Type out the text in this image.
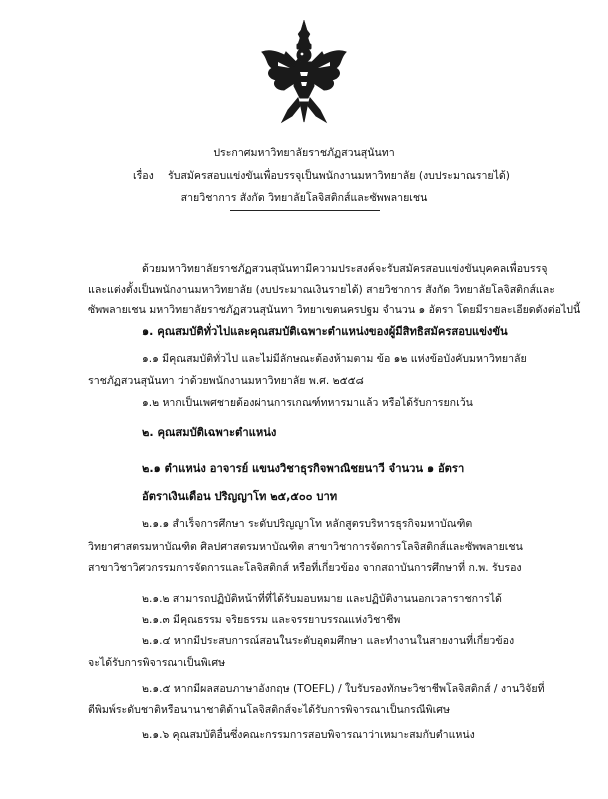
ประกาศมหาวิทยาลัยราชภัฏสวนสุนันทา
เรื่อง รับสมัครสอบแข่งขันเพื่อบรรจุเป็นพนักงานมหาวิทยาลัย (งบประมาณรายได้)
สายวิชาการ สังกัด วิทยาลัยโลจิสติกส์และซัพพลายเชน
ด้วยมหาวิทยาลัยราชภัฏสวนสุนันทามีความประสงค์จะรับสมัครสอบแข่งขันบุคคลเพื่อบรรจุ
และแต่งตั้งเป็นพนักงานมหาวิทยาลัย (งบประมาณเงินรายได้) สายวิชาการ สังกัด วิทยาลัยโลจิสติกส์และ
ซัพพลายเชน มหาวิทยาลัยราชภัฏสวนสุนันทา วิทยาเขตนครปฐม จำนวน ๑ อัตรา โดยมีรายละเอียดดังต่อไปนี้
๑. คุณสมบัติทั่วไปและคุณสมบัติเฉพาะตำแหน่งของผู้มีสิทธิสมัครสอบแข่งขัน
๑.๑ มีคุณสมบัติทั่วไป และไม่มีลักษณะต้องห้ามตาม ข้อ ๑๒ แห่งข้อบังคับมหาวิทยาลัย
ราชภัฏสวนสุนันทา ว่าด้วยพนักงานมหาวิทยาลัย พ.ศ. ๒๕๕๘
๑.๒ หากเป็นเพศชายต้องผ่านการเกณฑ์ทหารมาแล้ว หรือได้รับการยกเว้น
๒. คุณสมบัติเฉพาะตำแหน่ง
๒.๑ ตำแหน่ง อาจารย์ แขนงวิชาธุรกิจพาณิชยนาวี จำนวน ๑ อัตรา
อัตราเงินเดือน ปริญญาโท ๒๕,๕๐๐ บาท
๒.๑.๑ สำเร็จการศึกษา ระดับปริญญาโท หลักสูตรบริหารธุรกิจมหาบัณฑิต
วิทยาศาสตรมหาบัณฑิต ศิลปศาสตรมหาบัณฑิต สาขาวิชาการจัดการโลจิสติกส์และซัพพลายเชน
สาขาวิชาวิศวกรรมการจัดการและโลจิสติกส์ หรือที่เกี่ยวข้อง จากสถาบันการศึกษาที่ ก.พ. รับรอง
๒.๑.๒ สามารถปฏิบัติหน้าที่ที่ได้รับมอบหมาย และปฏิบัติงานนอกเวลาราชการได้
๒.๑.๓ มีคุณธรรม จริยธรรม และจรรยาบรรณแห่งวิชาชีพ
๒.๑.๔ หากมีประสบการณ์สอนในระดับอุดมศึกษา และทำงานในสายงานที่เกี่ยวข้อง
จะได้รับการพิจารณาเป็นพิเศษ
๒.๑.๕ หากมีผลสอบภาษาอังกฤษ (TOEFL) / ใบรับรองทักษะวิชาชีพโลจิสติกส์ / งานวิจัยที่
ตีพิมพ์ระดับชาติหรือนานาชาติด้านโลจิสติกส์จะได้รับการพิจารณาเป็นกรณีพิเศษ
๒.๑.๖ คุณสมบัติอื่นซึ่งคณะกรรมการสอบพิจารณาว่าเหมาะสมกับตำแหน่ง
